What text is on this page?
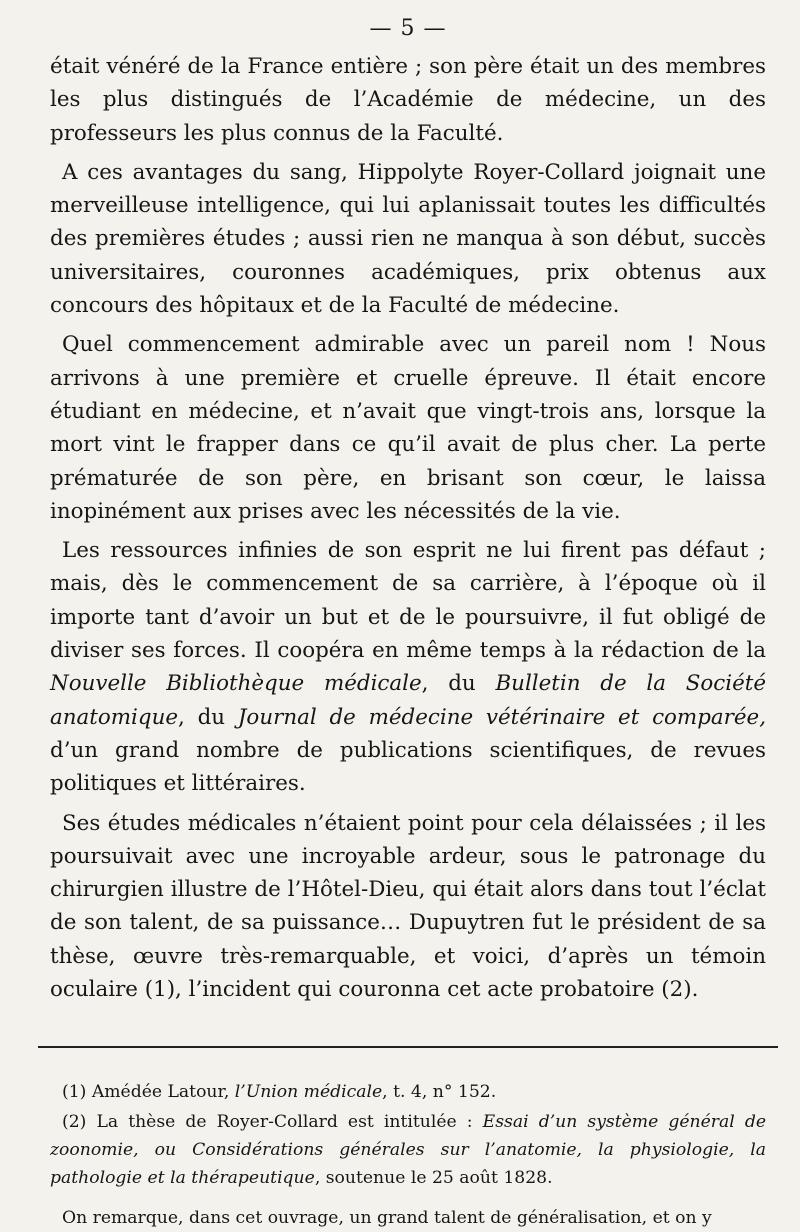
— 5 —

était vénéré de la France entière ; son père était un des membres les plus distingués de l’Académie de médecine, un des professeurs les plus connus de la Faculté.

A ces avantages du sang, Hippolyte Royer-Collard joignait une merveilleuse intelligence, qui lui aplanissait toutes les difficultés des premières études ; aussi rien ne manqua à son début, succès universitaires, couronnes académiques, prix obtenus aux concours des hôpitaux et de la Faculté de médecine.

Quel commencement admirable avec un pareil nom ! Nous arrivons à une première et cruelle épreuve. Il était encore étudiant en médecine, et n’avait que vingt-trois ans, lorsque la mort vint le frapper dans ce qu’il avait de plus cher. La perte prématurée de son père, en brisant son cœur, le laissa inopinément aux prises avec les nécessités de la vie.

Les ressources infinies de son esprit ne lui firent pas défaut ; mais, dès le commencement de sa carrière, à l’époque où il importe tant d’avoir un but et de le poursuivre, il fut obligé de diviser ses forces. Il coopéra en même temps à la rédaction de la Nouvelle Bibliothèque médicale, du Bulletin de la Société anatomique, du Journal de médecine vétérinaire et comparée, d’un grand nombre de publications scientifiques, de revues politiques et littéraires.

Ses études médicales n’étaient point pour cela délaissées ; il les poursuivait avec une incroyable ardeur, sous le patronage du chirurgien illustre de l’Hôtel-Dieu, qui était alors dans tout l’éclat de son talent, de sa puissance… Dupuytren fut le président de sa thèse, œuvre très-remarquable, et voici, d’après un témoin oculaire (1), l’incident qui couronna cet acte probatoire (2).

(1) Amédée Latour, l’Union médicale, t. 4, n° 152.

(2) La thèse de Royer-Collard est intitulée : Essai d’un système général de zoonomie, ou Considérations générales sur l’anatomie, la physiologie, la pathologie et la thérapeutique, soutenue le 25 août 1828.

On remarque, dans cet ouvrage, un grand talent de généralisation, et on y
